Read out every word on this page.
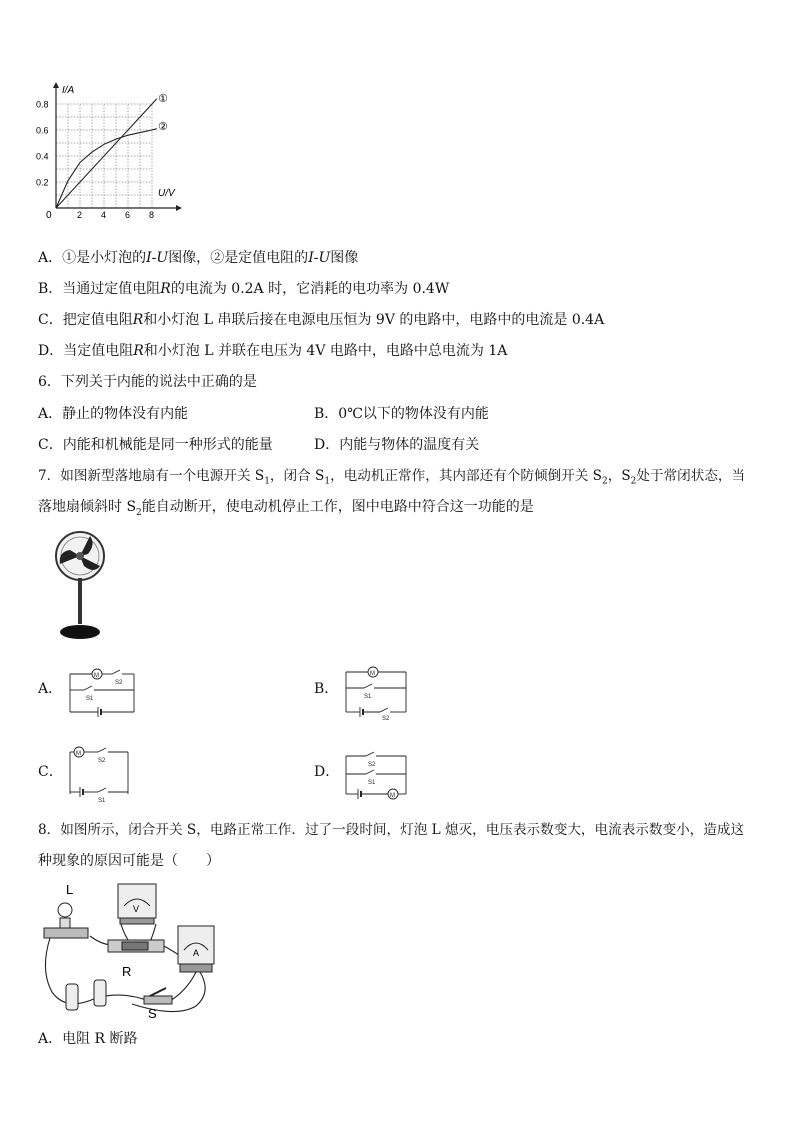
I/A
U/V
0
0.8
0.6
0.4
0.2
2 4 6 8
①
②
A．①是小灯泡的I-U图像，②是定值电阻的I-U图像
B．当通过定值电阻R的电流为 0.2A 时，它消耗的电功率为 0.4W
C．把定值电阻R和小灯泡 L 串联后接在电源电压恒为 9V 的电路中，电路中的电流是 0.4A
D．当定值电阻R和小灯泡 L 并联在电压为 4V 电路中，电路中总电流为 1A
6．下列关于内能的说法中正确的是
A．静止的物体没有内能	B．0℃以下的物体没有内能
C．内能和机械能是同一种形式的能量	D．内能与物体的温度有关
7．如图新型落地扇有一个电源开关 $S_1$，闭合 $S_1$，电动机正常作，其内部还有个防倾倒开关 $S_2$，$S_2$处于常闭状态，当
落地扇倾斜时 $S_2$能自动断开，使电动机停止工作，图中电路中符合这一功能的是
A．	B．
C．	D．
M
S2
S1
M
S1
S2
M
S2
S1
S2
S1
M
8．如图所示，闭合开关 S，电路正常工作．过了一段时间，灯泡 L 熄灭，电压表示数变大，电流表示数变小，造成这
种现象的原因可能是（　　）
L
V
R
A
S
A．电阻 R 断路
